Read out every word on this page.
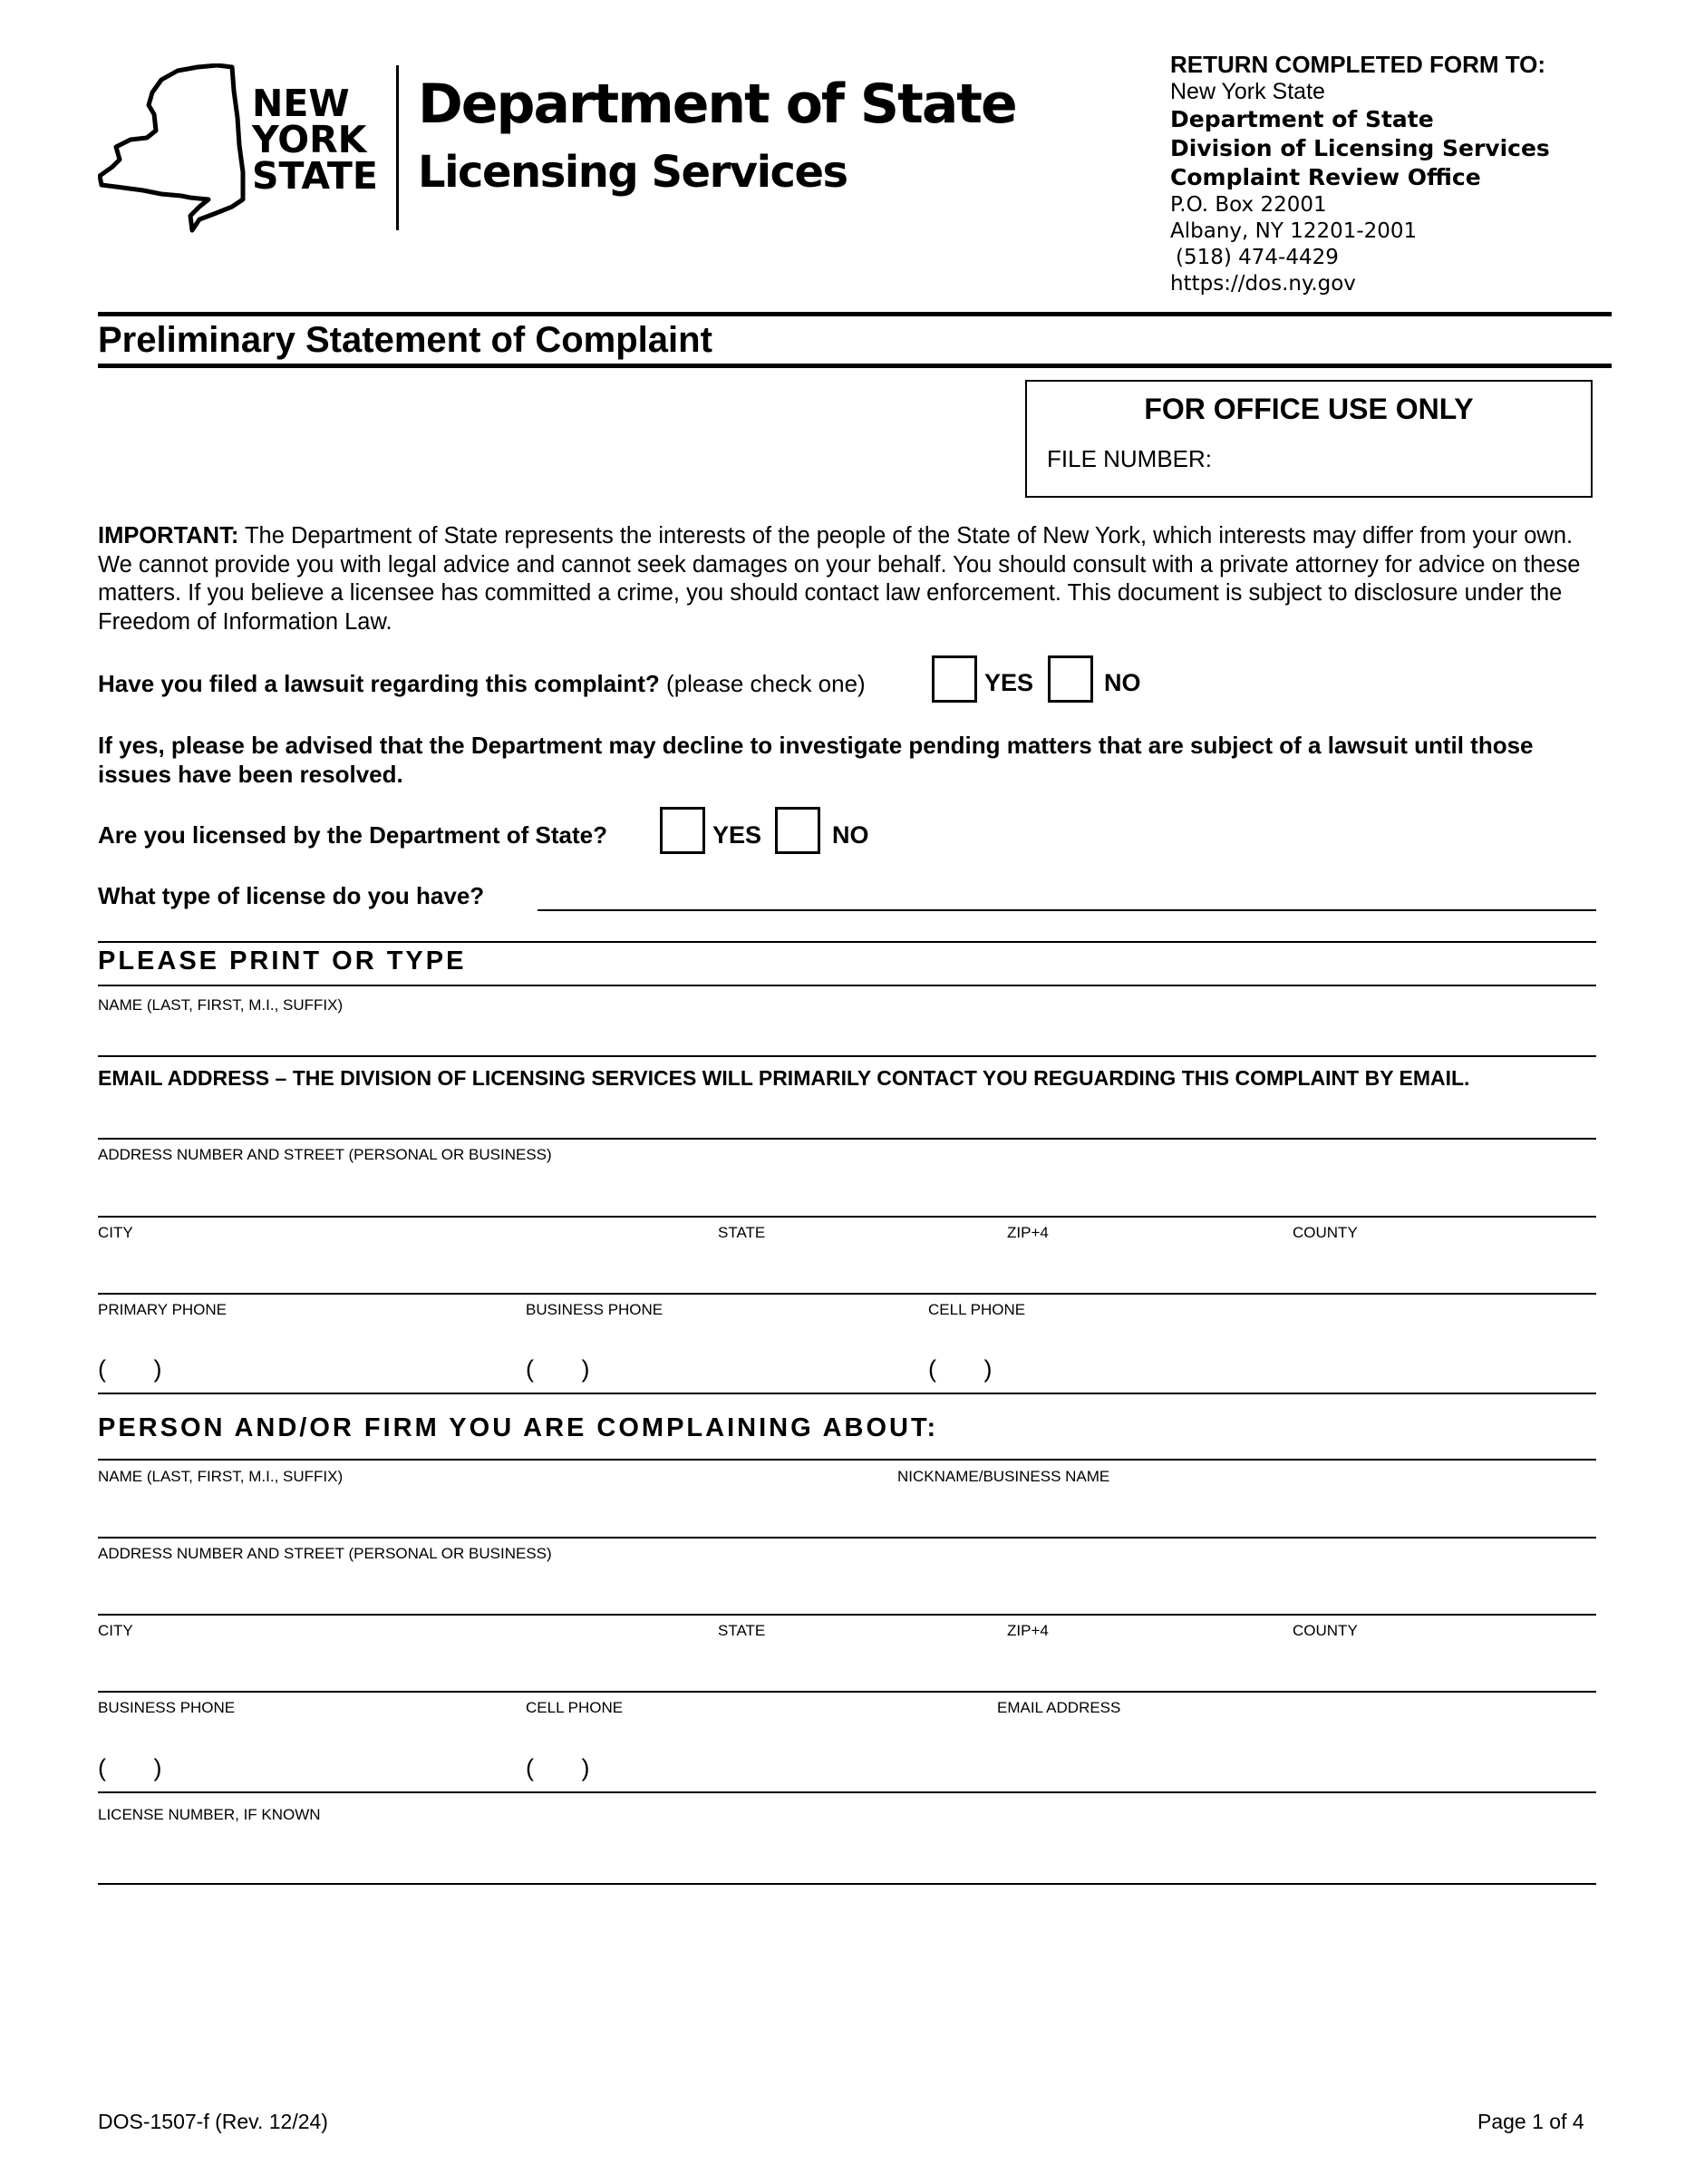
NEW
YORK
STATE
Department of State
Licensing Services
RETURN COMPLETED FORM TO:
New York State
Department of State
Division of Licensing Services
Complaint Review Office
P.O. Box 22001
Albany, NY 12201-2001
(518) 474-4429
https://dos.ny.gov
Preliminary Statement of Complaint
FOR OFFICE USE ONLY
FILE NUMBER:
IMPORTANT: The Department of State represents the interests of the people of the State of New York, which interests may differ from your own. We cannot provide you with legal advice and cannot seek damages on your behalf. You should consult with a private attorney for advice on these matters. If you believe a licensee has committed a crime, you should contact law enforcement. This document is subject to disclosure under the Freedom of Information Law.
Have you filed a lawsuit regarding this complaint? (please check one)	YES	NO
If yes, please be advised that the Department may decline to investigate pending matters that are subject of a lawsuit until those issues have been resolved.
Are you licensed by the Department of State?	YES	NO
What type of license do you have?
PLEASE PRINT OR TYPE
NAME (LAST, FIRST, M.I., SUFFIX)
EMAIL ADDRESS – THE DIVISION OF LICENSING SERVICES WILL PRIMARILY CONTACT YOU REGUARDING THIS COMPLAINT BY EMAIL.
ADDRESS NUMBER AND STREET (PERSONAL OR BUSINESS)
CITY	STATE	ZIP+4	COUNTY
PRIMARY PHONE	BUSINESS PHONE	CELL PHONE
(       )	(       )	(       )
PERSON AND/OR FIRM YOU ARE COMPLAINING ABOUT:
NAME (LAST, FIRST, M.I., SUFFIX)	NICKNAME/BUSINESS NAME
ADDRESS NUMBER AND STREET (PERSONAL OR BUSINESS)
CITY	STATE	ZIP+4	COUNTY
BUSINESS PHONE	CELL PHONE	EMAIL ADDRESS
(       )	(       )
LICENSE NUMBER, IF KNOWN
DOS-1507-f (Rev. 12/24)	Page 1 of 4
